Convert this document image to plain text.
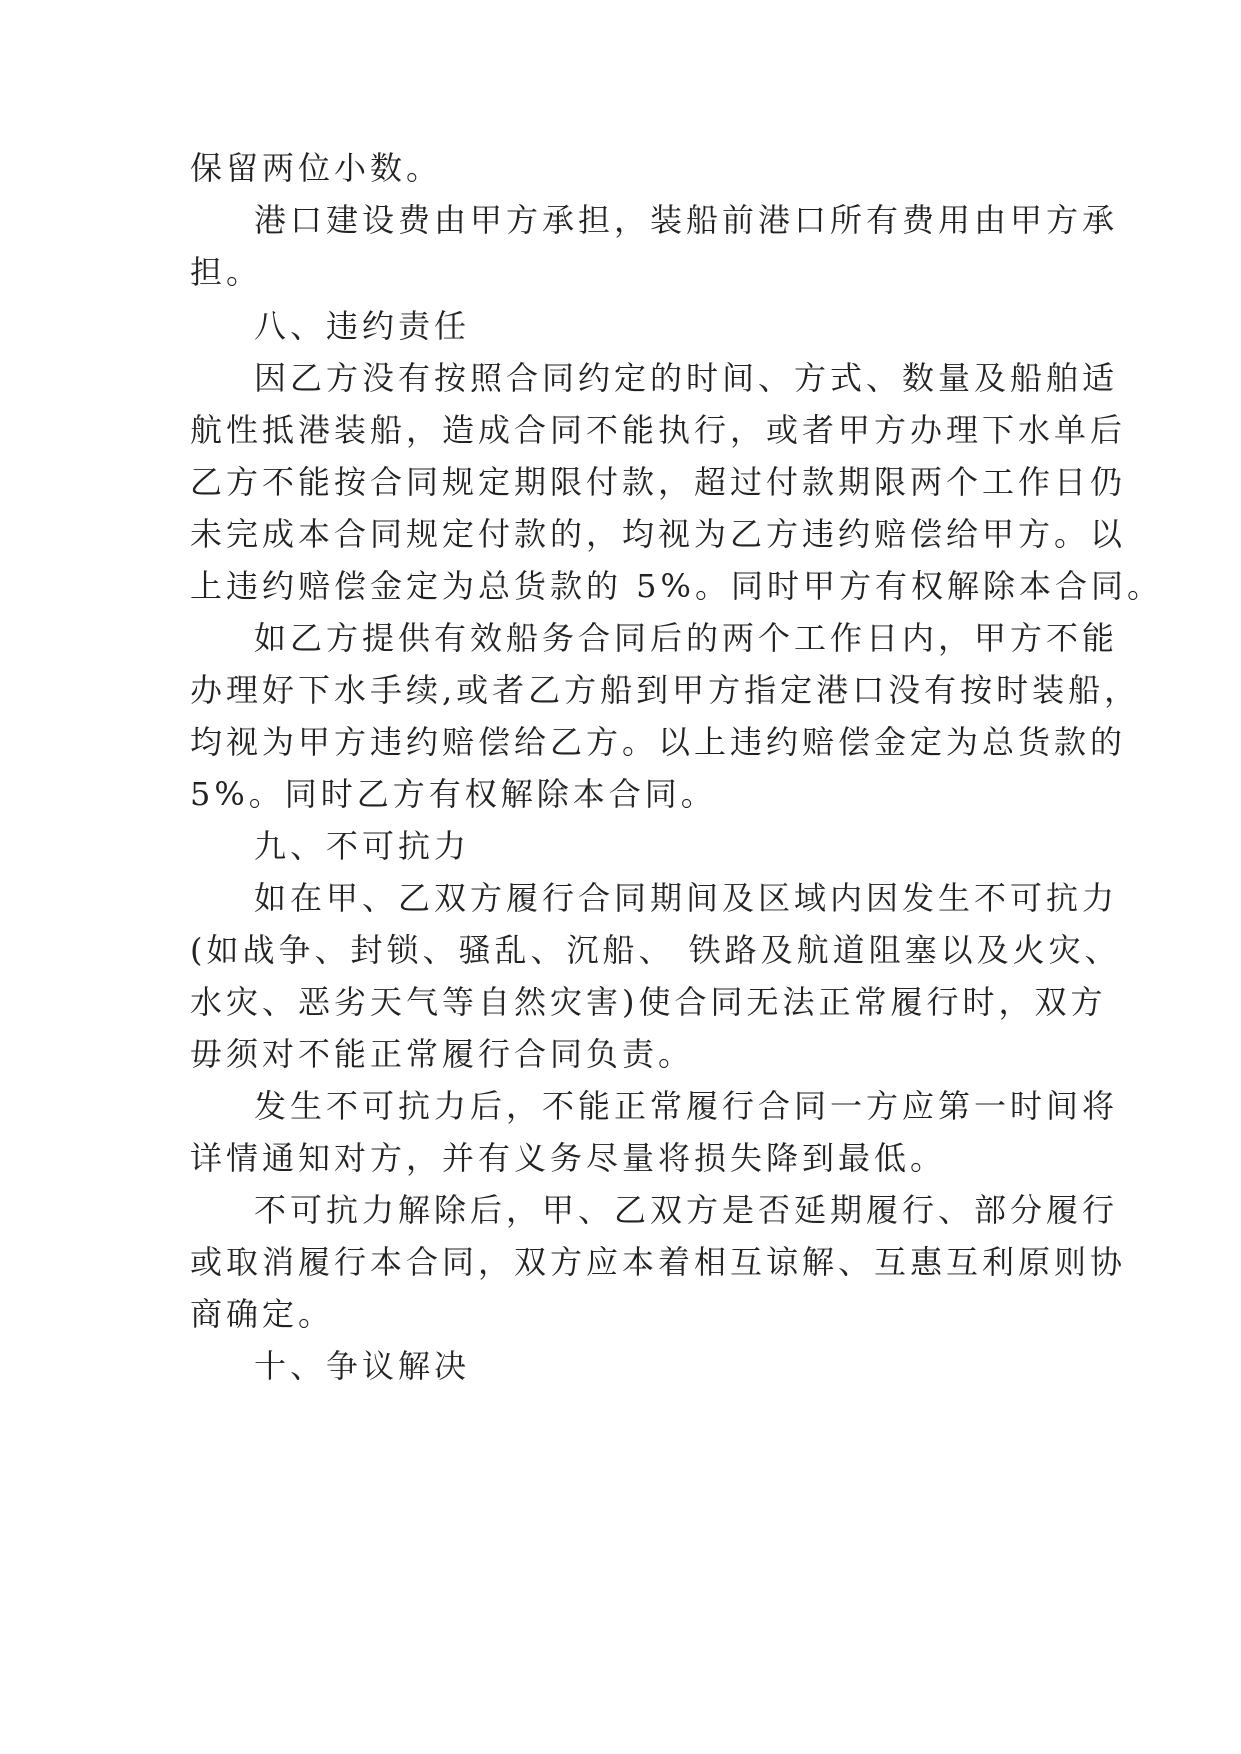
保留两位小数。
港口建设费由甲方承担，装船前港口所有费用由甲方承
担。
八、违约责任
因乙方没有按照合同约定的时间、方式、数量及船舶适
航性抵港装船，造成合同不能执行，或者甲方办理下水单后
乙方不能按合同规定期限付款，超过付款期限两个工作日仍
未完成本合同规定付款的，均视为乙方违约赔偿给甲方。以
上违约赔偿金定为总货款的 5%。同时甲方有权解除本合同。
如乙方提供有效船务合同后的两个工作日内，甲方不能
办理好下水手续,或者乙方船到甲方指定港口没有按时装船，
均视为甲方违约赔偿给乙方。以上违约赔偿金定为总货款的
5%。同时乙方有权解除本合同。
九、不可抗力
如在甲、乙双方履行合同期间及区域内因发生不可抗力
(如战争、封锁、骚乱、沉船、 铁路及航道阻塞以及火灾、
水灾、恶劣天气等自然灾害)使合同无法正常履行时，双方
毋须对不能正常履行合同负责。
发生不可抗力后，不能正常履行合同一方应第一时间将
详情通知对方，并有义务尽量将损失降到最低。
不可抗力解除后，甲、乙双方是否延期履行、部分履行
或取消履行本合同，双方应本着相互谅解、互惠互利原则协
商确定。
十、争议解决
